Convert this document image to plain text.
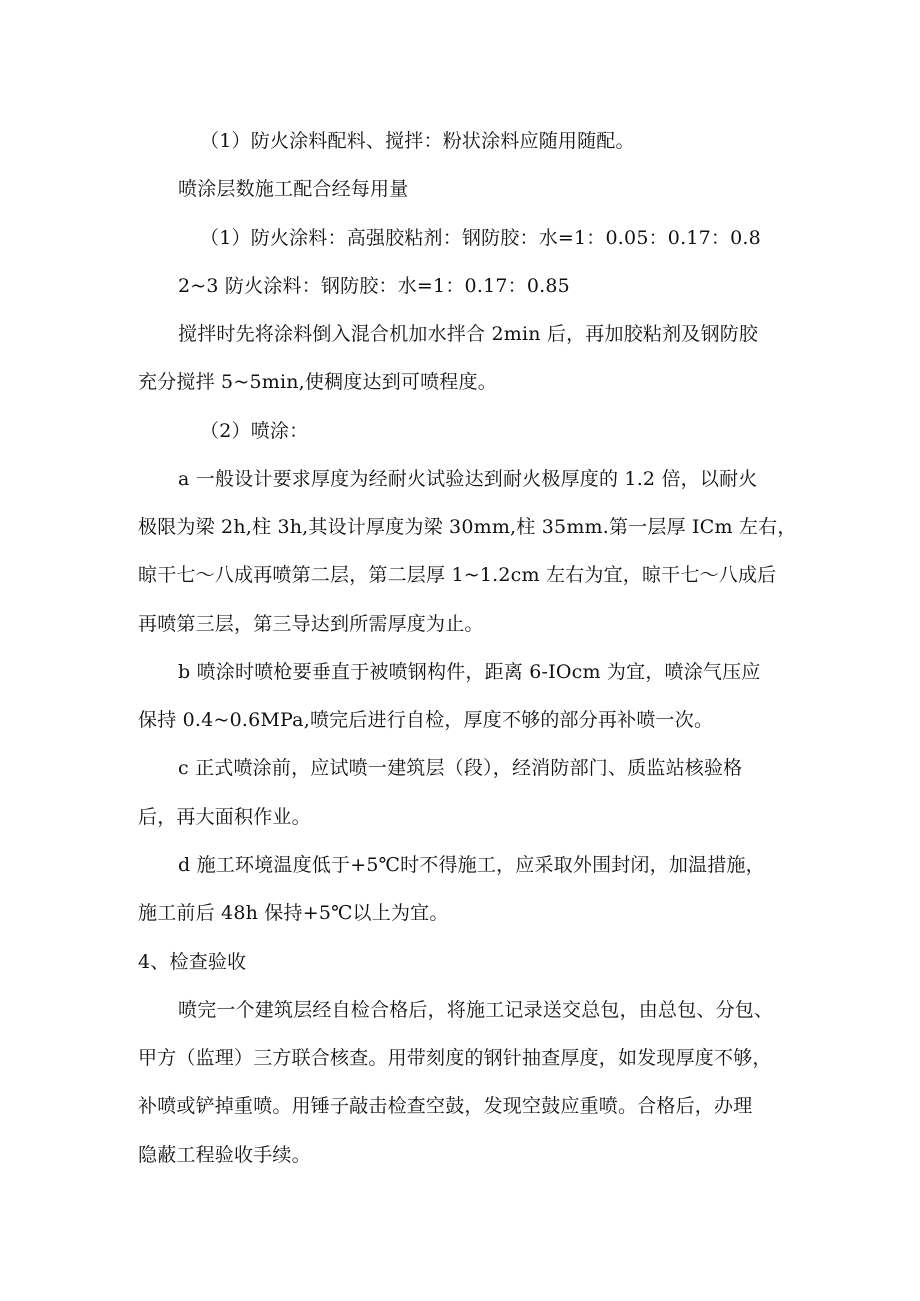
（1）防火涂料配料、搅拌：粉状涂料应随用随配。
喷涂层数施工配合经每用量
（1）防火涂料：高强胶粘剂：钢防胶：水=1：0.05：0.17：0.8
2~3 防火涂料：钢防胶：水=1：0.17：0.85
搅拌时先将涂料倒入混合机加水拌合 2min 后，再加胶粘剂及钢防胶
充分搅拌 5~5min,使稠度达到可喷程度。
（2）喷涂：
a 一般设计要求厚度为经耐火试验达到耐火极厚度的 1.2 倍，以耐火
极限为梁 2h,柱 3h,其设计厚度为梁 30mm,柱 35mm.第一层厚 ICm 左右，
晾干七～八成再喷第二层，第二层厚 1~1.2cm 左右为宜，晾干七～八成后
再喷第三层，第三导达到所需厚度为止。
b 喷涂时喷枪要垂直于被喷钢构件，距离 6-IOcm 为宜，喷涂气压应
保持 0.4~0.6MPa,喷完后进行自检，厚度不够的部分再补喷一次。
c 正式喷涂前，应试喷一建筑层（段），经消防部门、质监站核验格
后，再大面积作业。
d 施工环境温度低于+5℃时不得施工，应采取外围封闭，加温措施，
施工前后 48h 保持+5℃以上为宜。
4、检查验收
喷完一个建筑层经自检合格后，将施工记录送交总包，由总包、分包、
甲方（监理）三方联合核查。用带刻度的钢针抽查厚度，如发现厚度不够，
补喷或铲掉重喷。用锤子敲击检查空鼓，发现空鼓应重喷。合格后，办理
隐蔽工程验收手续。
